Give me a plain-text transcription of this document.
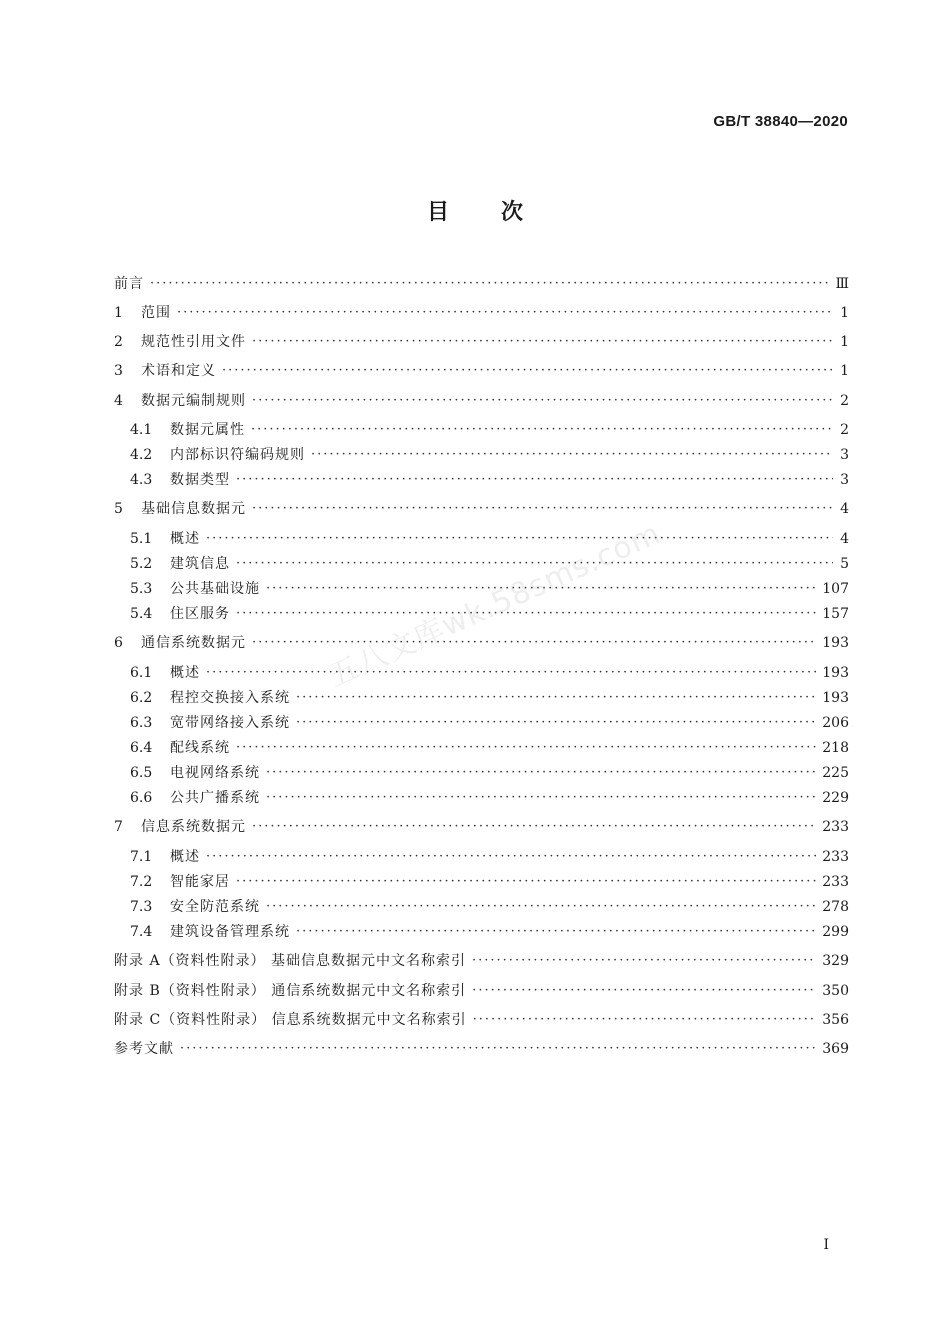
GB/T 38840—2020
目次
前言 ·····	Ⅲ
1	范围 ·····	1
2	规范性引用文件 ·····	1
3	术语和定义 ·····	1
4	数据元编制规则 ·····	2
4.1	数据元属性 ·····	2
4.2	内部标识符编码规则 ·····	3
4.3	数据类型 ·····	3
5	基础信息数据元 ·····	4
5.1	概述 ·····	4
5.2	建筑信息 ·····	5
5.3	公共基础设施 ·····	107
5.4	住区服务 ·····	157
6	通信系统数据元 ·····	193
6.1	概述 ·····	193
6.2	程控交换接入系统 ·····	193
6.3	宽带网络接入系统 ·····	206
6.4	配线系统 ·····	218
6.5	电视网络系统 ·····	225
6.6	公共广播系统 ·····	229
7	信息系统数据元 ·····	233
7.1	概述 ·····	233
7.2	智能家居 ·····	233
7.3	安全防范系统 ·····	278
7.4	建筑设备管理系统 ·····	299
附录 A（资料性附录） 基础信息数据元中文名称索引 ·····	329
附录 B（资料性附录） 通信系统数据元中文名称索引 ·····	350
附录 C（资料性附录） 信息系统数据元中文名称索引 ·····	356
参考文献 ·····	369
五八文库wk.58sms.com
I
